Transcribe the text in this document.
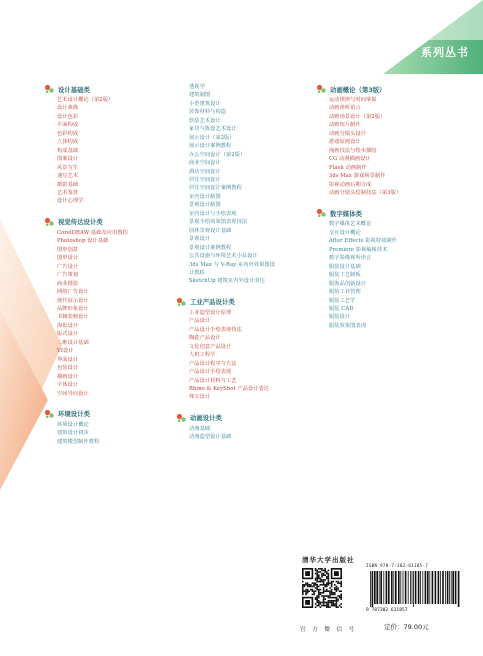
系列丛书
设计基础类
艺术设计概论（第2版）
设计素描
设计色彩
平面构成
色彩构成
立体构成
构成基础
图案设计
风景写生
速写艺术
摄影基础
艺术鉴赏
设计心理学
视觉传达设计类
CorelDRAW 基础及应用教程
Photoshop 设计基础
图形创意
图形设计
广告设计
广告策划
商业摄影
网络广告设计
现代展示设计
品牌形象设计
书籍装帧设计
海报设计
版式设计
二维设计基础
VI设计
界面设计
包装设计
插画设计
字体设计
空间导向设计
环境设计类
环境设计概论
建筑设计初步
建筑模型制作教程
透视学
建筑制图
小型建筑设计
装饰材料与构造
软装艺术设计
家居与陈设艺术设计
展示设计（第2版）
展示设计案例教程
办公空间设计（第2版）
商业空间设计
酒店空间设计
居住空间设计
居住空间设计案例教程
室内设计制图
景观设计制图
室内设计与手绘表现
景观手绘效果图表现技法
园林景观设计基础
景观设计
景观设计案例教程
公共设施与环境艺术小品设计
3ds Max 与 V-Ray 室内外效果图设
计教程
SketchUp 建筑室内外设计表达
工业产品设计类
工业造型设计原理
产品设计
产品设计手绘表现技法
陶瓷产品设计
文化创意产品设计
人机工程学
产品设计程序与方法
产品设计手绘表现
产品设计材料与工艺
Rhino & KeyShot 产品设计表达
珠宝设计
动画设计类
动漫基础
动漫造型设计基础
动画概论（第3版）
运动规律与时间掌握
动画视听语言
动画场景设计（第2版）
动画短片制作
动画分镜头设计
游戏原画设计
漫画技法与绘本插绘
CG 动漫插画设计
Flash 动画制作
3ds Max 游戏场景制作
影视动画后期合成
动画分镜头绘制技法（第3版）
数字媒体类
数字媒体艺术概论
交互设计概论
After Effects 影视特效制作
Premiere 影视编辑技术
数字影像视听语言
服装设计基础
服装工艺制板
服饰品创新设计
服装工业管理
服装工艺学
服装 CAD
服装设计
服装效果图表现
清华大学出版社
官 方 微 信 号
ISBN 978-7-302-61185-7
9 787302 611857
定价：79.00元
